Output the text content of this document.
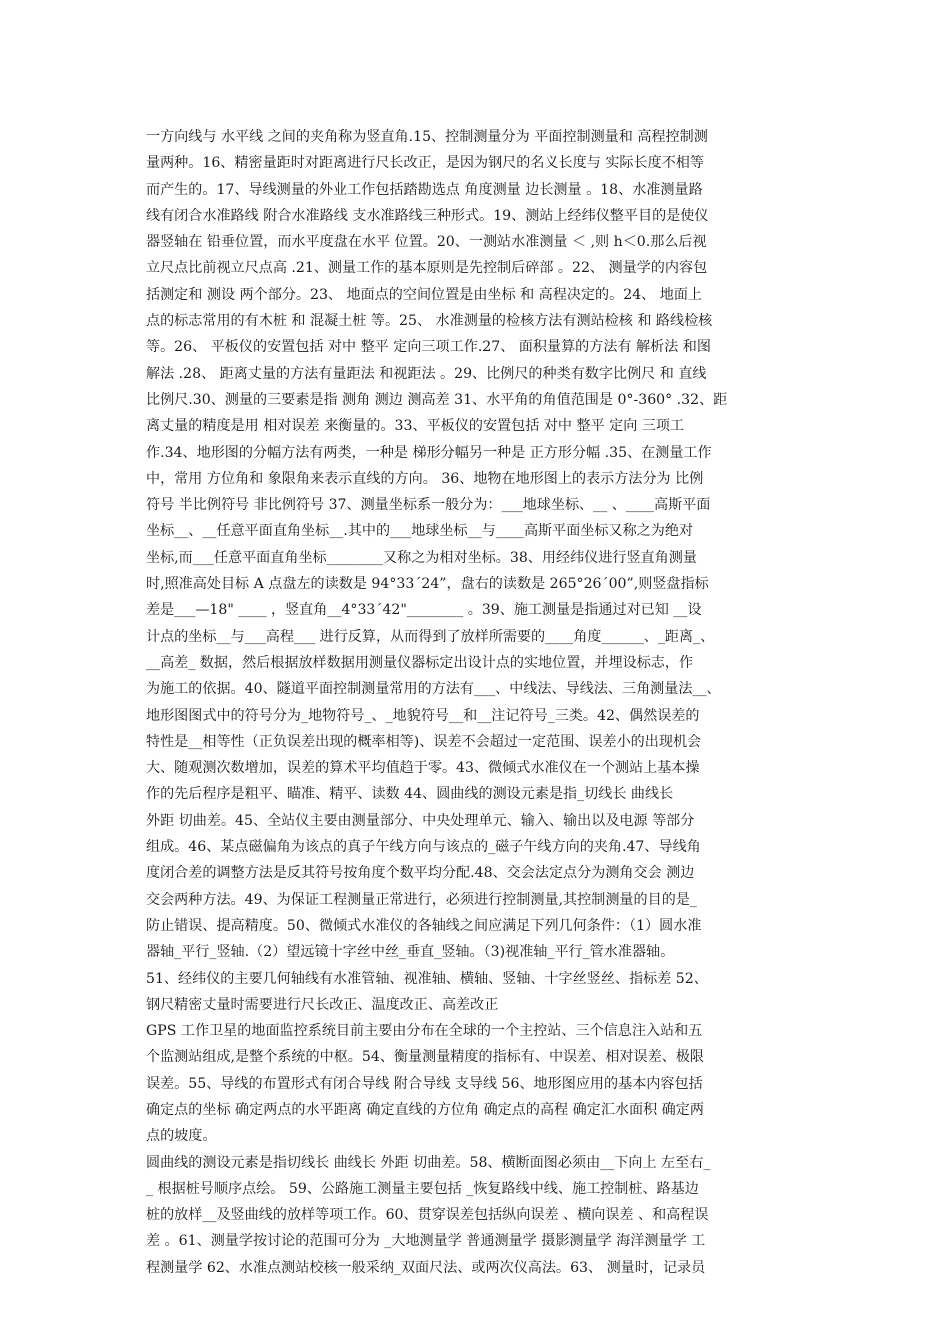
一方向线与 水平线 之间的夹角称为竖直角.15、控制测量分为 平面控制测量和 高程控制测
量两种。16、精密量距时对距离进行尺长改正，是因为钢尺的名义长度与 实际长度不相等
而产生的。17、导线测量的外业工作包括踏勘选点 角度测量 边长测量 。18、水准测量路
线有闭合水准路线 附合水准路线 支水准路线三种形式。19、测站上经纬仪整平目的是使仪
器竖轴在 铅垂位置，而水平度盘在水平 位置。20、一测站水准测量 ＜ ,则 h＜0.那么后视
立尺点比前视立尺点高 .21、测量工作的基本原则是先控制后碎部 。22、 测量学的内容包
括测定和 测设 两个部分。23、 地面点的空间位置是由坐标 和 高程决定的。24、 地面上
点的标志常用的有木桩 和 混凝土桩 等。25、 水准测量的检核方法有测站检核 和 路线检核
等。26、 平板仪的安置包括 对中 整平 定向三项工作.27、 面积量算的方法有 解析法 和图
解法 .28、 距离丈量的方法有量距法 和视距法 。29、比例尺的种类有数字比例尺 和 直线
比例尺.30、测量的三要素是指 测角 测边 测高差 31、水平角的角值范围是 0°-360° .32、距
离丈量的精度是用 相对误差 来衡量的。33、平板仪的安置包括 对中 整平 定向 三项工
作.34、地形图的分幅方法有两类，一种是 梯形分幅另一种是 正方形分幅 .35、在测量工作
中，常用 方位角和 象限角来表示直线的方向。 36、地物在地形图上的表示方法分为 比例
符号 半比例符号 非比例符号 37、测量坐标系一般分为：___地球坐标、__ 、____高斯平面
坐标__、__任意平面直角坐标__.其中的___地球坐标__与____高斯平面坐标又称之为绝对
坐标,而___任意平面直角坐标________又称之为相对坐标。38、用经纬仪进行竖直角测量
时,照准高处目标 A 点盘左的读数是 94°33´24”，盘右的读数是 265°26´00”,则竖盘指标
差是___—18" ____ ，竖直角__4°33´42"________ 。39、施工测量是指通过对已知 __设
计点的坐标__与___高程___ 进行反算，从而得到了放样所需要的____角度______、_距离_、
__高差_ 数据，然后根据放样数据用测量仪器标定出设计点的实地位置，并埋设标志，作
为施工的依据。40、隧道平面控制测量常用的方法有___、中线法、导线法、三角测量法__、
地形图图式中的符号分为_地物符号_、_地貌符号__和__注记符号_三类。42、偶然误差的
特性是__相等性（正负误差出现的概率相等)、误差不会超过一定范围、误差小的出现机会
大、随观测次数增加，误差的算术平均值趋于零。43、微倾式水准仪在一个测站上基本操
作的先后程序是粗平、瞄准、精平、读数 44、圆曲线的测设元素是指_切线长 曲线长
外距 切曲差。45、全站仪主要由测量部分、中央处理单元、输入、输出以及电源 等部分
组成。46、某点磁偏角为该点的真子午线方向与该点的_磁子午线方向的夹角.47、导线角
度闭合差的调整方法是反其符号按角度个数平均分配.48、交会法定点分为测角交会 测边
交会两种方法。49、为保证工程测量正常进行，必须进行控制测量,其控制测量的目的是_
防止错误、提高精度。50、微倾式水准仪的各轴线之间应满足下列几何条件：（1）圆水准
器轴_平行_竖轴.（2）望远镜十字丝中丝_垂直_竖轴。（3)视准轴_平行_管水准器轴。
51、经纬仪的主要几何轴线有水准管轴、视准轴、横轴、竖轴、十字丝竖丝、指标差 52、
钢尺精密丈量时需要进行尺长改正、温度改正、高差改正
GPS 工作卫星的地面监控系统目前主要由分布在全球的一个主控站、三个信息注入站和五
个监测站组成,是整个系统的中枢。54、衡量测量精度的指标有、中误差、相对误差、极限
误差。55、导线的布置形式有闭合导线 附合导线 支导线 56、地形图应用的基本内容包括
确定点的坐标 确定两点的水平距离 确定直线的方位角 确定点的高程 确定汇水面积 确定两
点的坡度。
圆曲线的测设元素是指切线长 曲线长 外距 切曲差。58、横断面图必须由__下向上 左至右_
_ 根据桩号顺序点绘。 59、公路施工测量主要包括 _恢复路线中线、施工控制桩、路基边
桩的放样__及竖曲线的放样等项工作。60、贯穿误差包括纵向误差 、横向误差 、和高程误
差 。61、测量学按讨论的范围可分为 _大地测量学 普通测量学 摄影测量学 海洋测量学 工
程测量学 62、水准点测站校核一般采纳_双面尺法、或两次仪高法。63、 测量时，记录员
